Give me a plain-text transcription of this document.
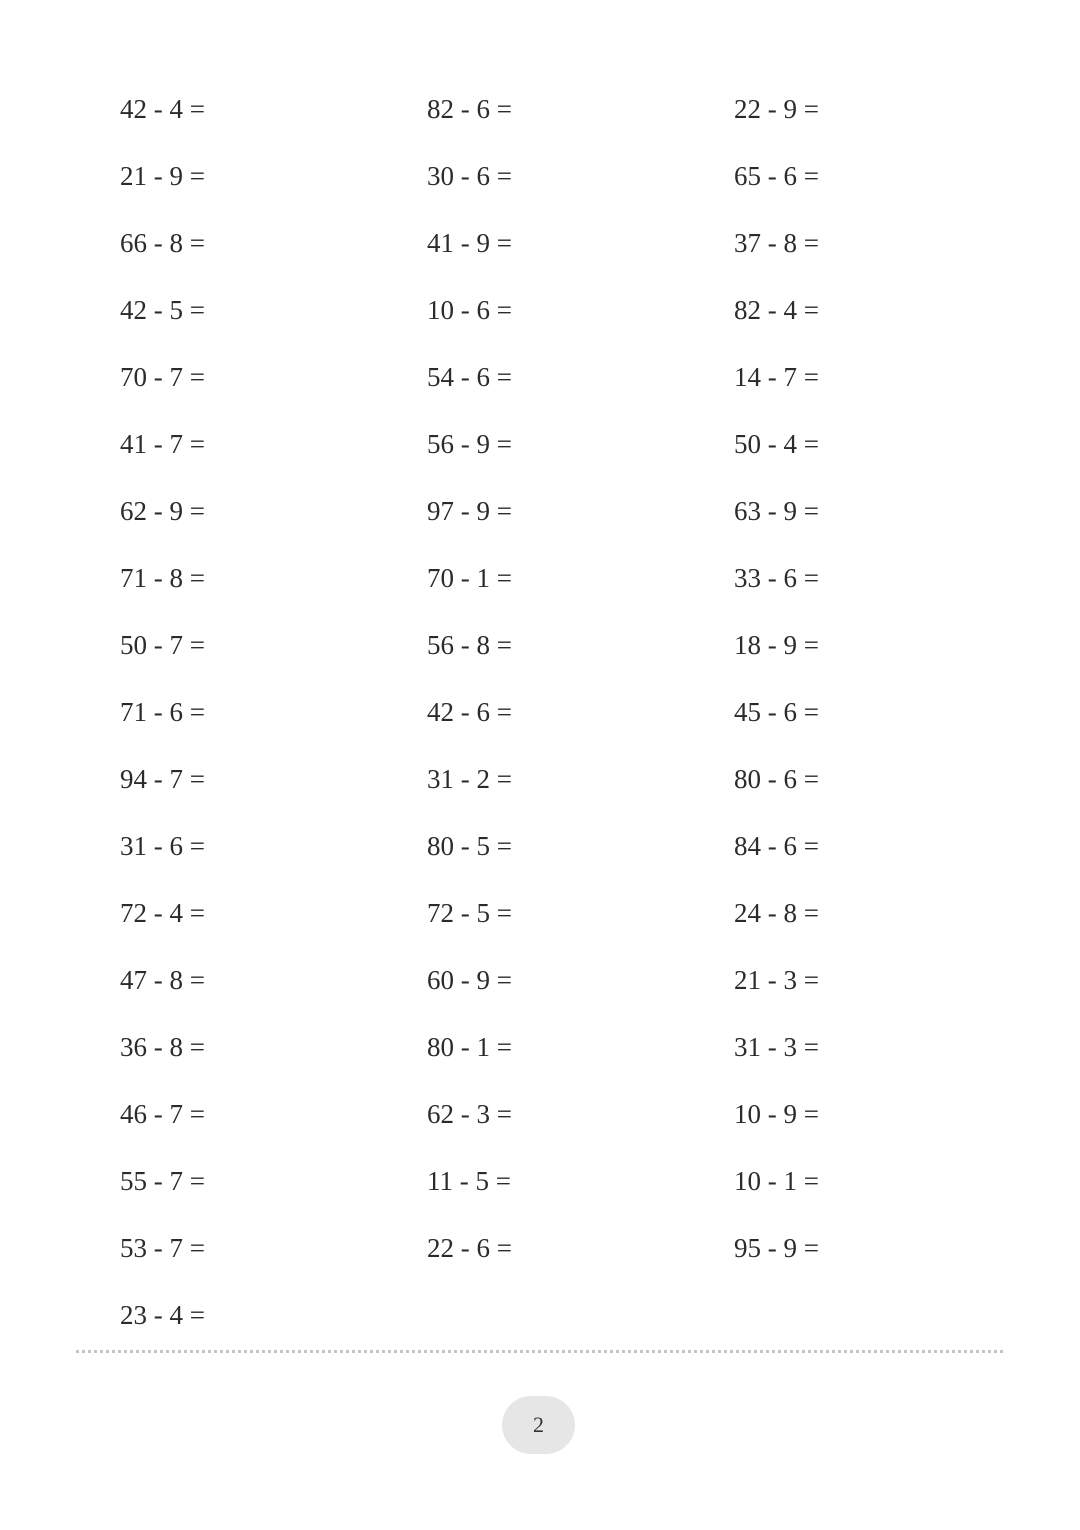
42 - 4 =
21 - 9 =
66 - 8 =
42 - 5 =
70 - 7 =
41 - 7 =
62 - 9 =
71 - 8 =
50 - 7 =
71 - 6 =
94 - 7 =
31 - 6 =
72 - 4 =
47 - 8 =
36 - 8 =
46 - 7 =
55 - 7 =
53 - 7 =
23 - 4 =
82 - 6 =
30 - 6 =
41 - 9 =
10 - 6 =
54 - 6 =
56 - 9 =
97 - 9 =
70 - 1 =
56 - 8 =
42 - 6 =
31 - 2 =
80 - 5 =
72 - 5 =
60 - 9 =
80 - 1 =
62 - 3 =
11 - 5 =
22 - 6 =
22 - 9 =
65 - 6 =
37 - 8 =
82 - 4 =
14 - 7 =
50 - 4 =
63 - 9 =
33 - 6 =
18 - 9 =
45 - 6 =
80 - 6 =
84 - 6 =
24 - 8 =
21 - 3 =
31 - 3 =
10 - 9 =
10 - 1 =
95 - 9 =
2
